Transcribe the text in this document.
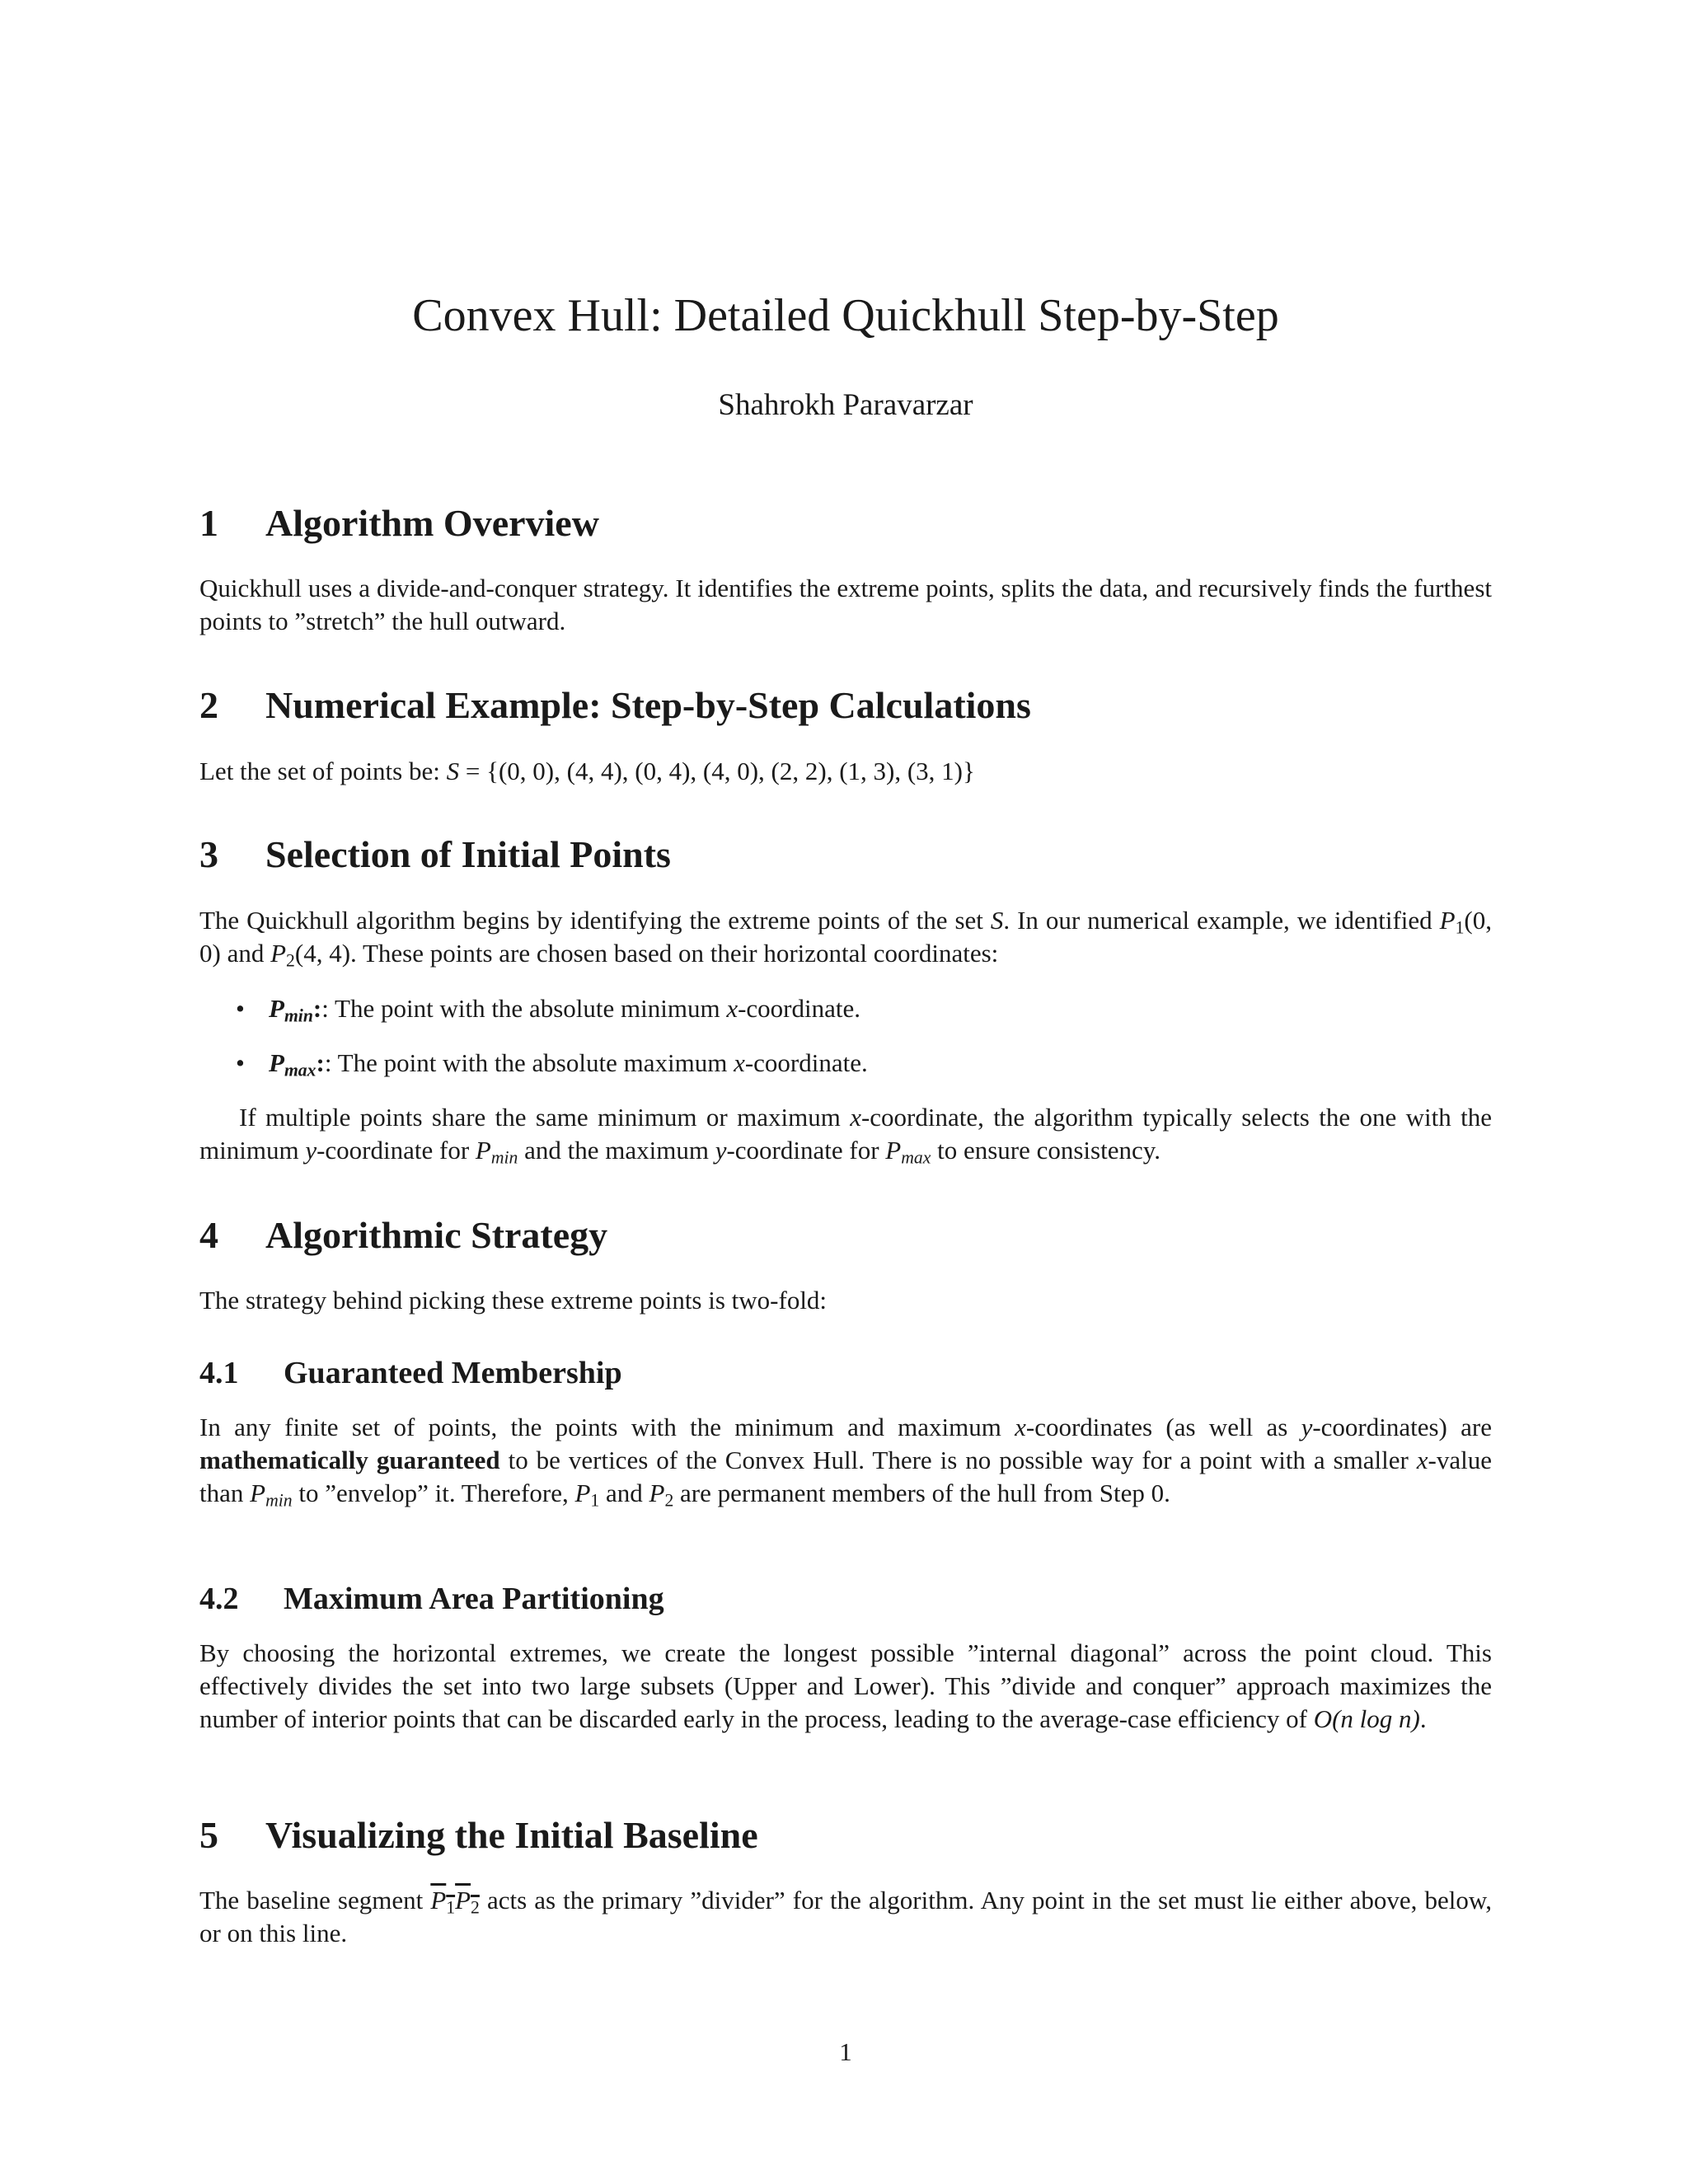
Convex Hull: Detailed Quickhull Step-by-Step
Shahrokh Paravarzar
1 Algorithm Overview

Quickhull uses a divide-and-conquer strategy. It identifies the extreme points, splits the data, and recursively finds the furthest points to ”stretch” the hull outward.

2 Numerical Example: Step-by-Step Calculations

Let the set of points be: S = {(0, 0), (4, 4), (0, 4), (4, 0), (2, 2), (1, 3), (3, 1)}

3 Selection of Initial Points

The Quickhull algorithm begins by identifying the extreme points of the set S. In our numerical example, we identified $P_1(0$, 0) and $P_2(4$, 4). These points are chosen based on their horizontal coordinates:

• $P_{min}$:: The point with the absolute minimum x-coordinate.

• $P_{max}$:: The point with the absolute maximum x-coordinate.

If multiple points share the same minimum or maximum x-coordinate, the algorithm typically selects the one with the minimum y-coordinate for $P_{min}$ and the maximum y-coordinate for $P_{max}$ to ensure consistency.

4 Algorithmic Strategy

The strategy behind picking these extreme points is two-fold:

4.1 Guaranteed Membership

In any finite set of points, the points with the minimum and maximum x-coordinates (as well as y-coordinates) are mathematically guaranteed to be vertices of the Convex Hull. There is no possible way for a point with a smaller x-value than $P_{min}$ to ”envelop” it. Therefore, $P_1$ and $P_2$ are permanent members of the hull from Step 0.

4.2 Maximum Area Partitioning

By choosing the horizontal extremes, we create the longest possible ”internal diagonal” across the point cloud. This effectively divides the set into two large subsets (Upper and Lower). This ”divide and conquer” approach maximizes the number of interior points that can be discarded early in the process, leading to the average-case efficiency of O(n log n).

5 Visualizing the Initial Baseline

The baseline segment $P_1P_2$ acts as the primary ”divider” for the algorithm. Any point in the set must lie either above, below, or on this line.

1
